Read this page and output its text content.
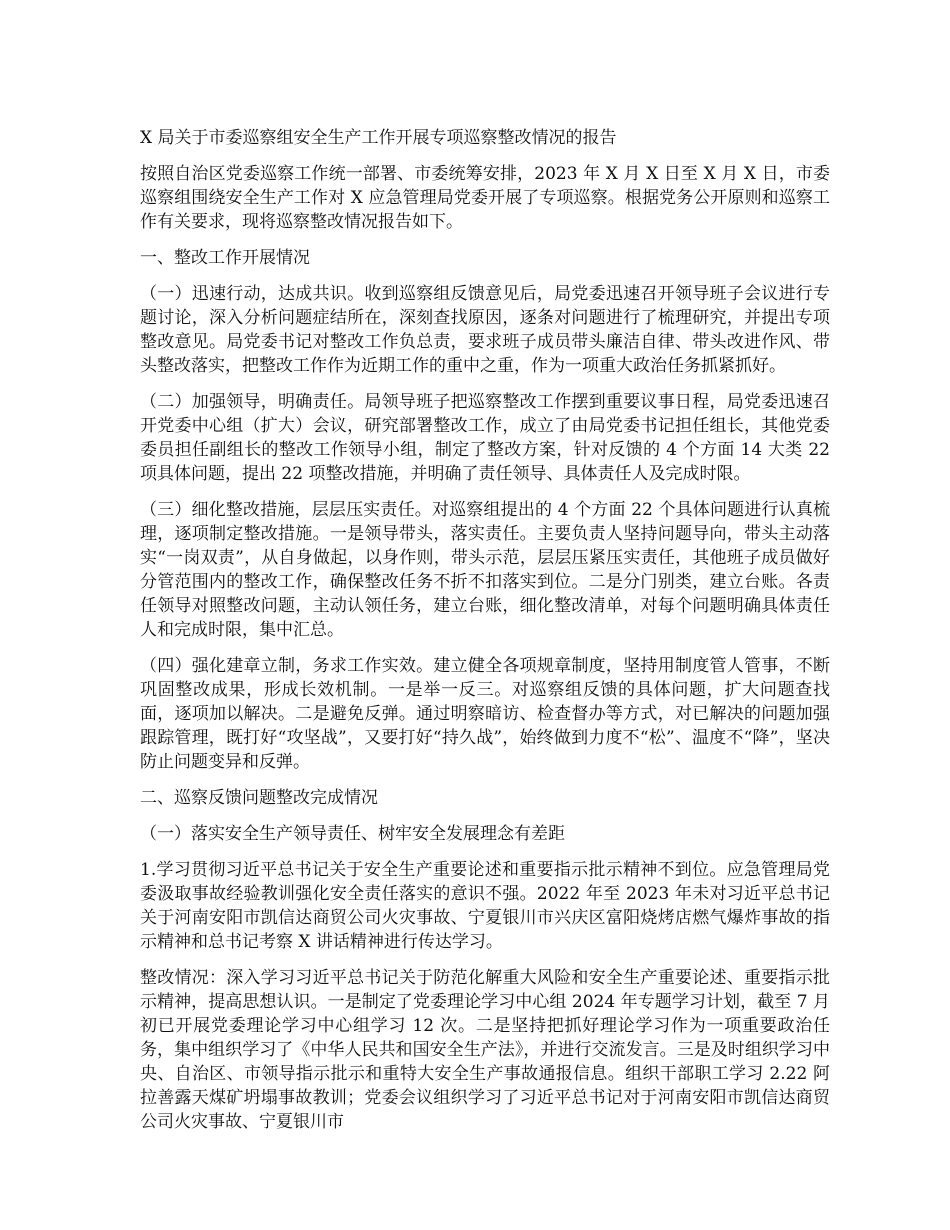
X 局关于市委巡察组安全生产工作开展专项巡察整改情况的报告

按照自治区党委巡察工作统一部署、市委统筹安排，2023 年 X 月 X 日至 X 月 X 日，市委巡察组围绕安全生产工作对 X 应急管理局党委开展了专项巡察。根据党务公开原则和巡察工作有关要求，现将巡察整改情况报告如下。

一、整改工作开展情况

（一）迅速行动，达成共识。收到巡察组反馈意见后，局党委迅速召开领导班子会议进行专题讨论，深入分析问题症结所在，深刻查找原因，逐条对问题进行了梳理研究，并提出专项整改意见。局党委书记对整改工作负总责，要求班子成员带头廉洁自律、带头改进作风、带头整改落实，把整改工作作为近期工作的重中之重，作为一项重大政治任务抓紧抓好。

（二）加强领导，明确责任。局领导班子把巡察整改工作摆到重要议事日程，局党委迅速召开党委中心组（扩大）会议，研究部署整改工作，成立了由局党委书记担任组长，其他党委委员担任副组长的整改工作领导小组，制定了整改方案，针对反馈的 4 个方面 14 大类 22 项具体问题，提出 22 项整改措施，并明确了责任领导、具体责任人及完成时限。

（三）细化整改措施，层层压实责任。对巡察组提出的 4 个方面 22 个具体问题进行认真梳理，逐项制定整改措施。一是领导带头，落实责任。主要负责人坚持问题导向，带头主动落实“一岗双责”，从自身做起，以身作则，带头示范，层层压紧压实责任，其他班子成员做好分管范围内的整改工作，确保整改任务不折不扣落实到位。二是分门别类，建立台账。各责任领导对照整改问题，主动认领任务，建立台账，细化整改清单，对每个问题明确具体责任人和完成时限，集中汇总。

（四）强化建章立制，务求工作实效。建立健全各项规章制度，坚持用制度管人管事，不断巩固整改成果，形成长效机制。一是举一反三。对巡察组反馈的具体问题，扩大问题查找面，逐项加以解决。二是避免反弹。通过明察暗访、检查督办等方式，对已解决的问题加强跟踪管理，既打好“攻坚战”，又要打好“持久战”，始终做到力度不“松”、温度不“降”，坚决防止问题变异和反弹。

二、巡察反馈问题整改完成情况

（一）落实安全生产领导责任、树牢安全发展理念有差距

1.学习贯彻习近平总书记关于安全生产重要论述和重要指示批示精神不到位。应急管理局党委汲取事故经验教训强化安全责任落实的意识不强。2022 年至 2023 年未对习近平总书记关于河南安阳市凯信达商贸公司火灾事故、宁夏银川市兴庆区富阳烧烤店燃气爆炸事故的指示精神和总书记考察 X 讲话精神进行传达学习。

整改情况：深入学习习近平总书记关于防范化解重大风险和安全生产重要论述、重要指示批示精神，提高思想认识。一是制定了党委理论学习中心组 2024 年专题学习计划，截至 7 月初已开展党委理论学习中心组学习 12 次。二是坚持把抓好理论学习作为一项重要政治任务，集中组织学习了《中华人民共和国安全生产法》，并进行交流发言。三是及时组织学习中央、自治区、市领导指示批示和重特大安全生产事故通报信息。组织干部职工学习 2.22 阿拉善露天煤矿坍塌事故教训；党委会议组织学习了习近平总书记对于河南安阳市凯信达商贸公司火灾事故、宁夏银川市
